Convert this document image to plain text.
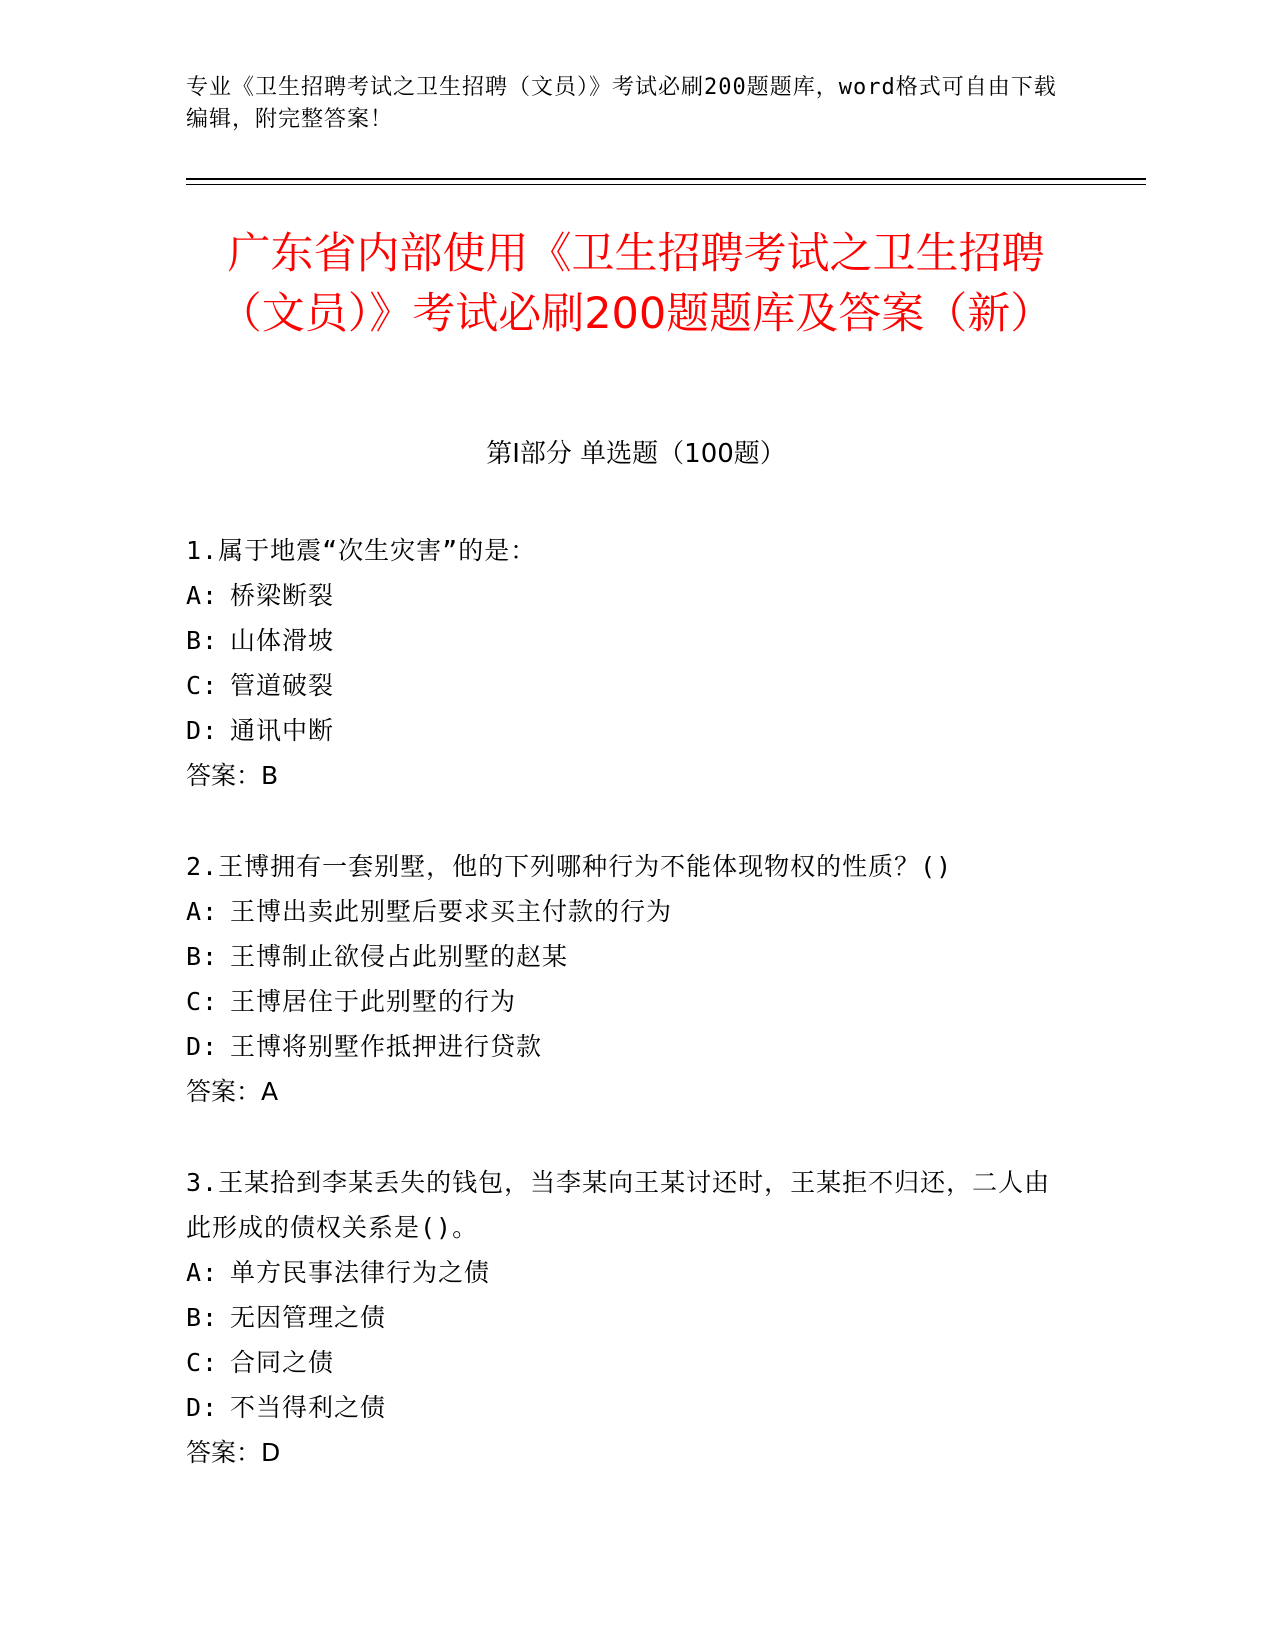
专业《卫生招聘考试之卫生招聘（文员）》考试必刷200题题库，word格式可自由下载编辑，附完整答案！
广东省内部使用《卫生招聘考试之卫生招聘（文员）》考试必刷200题题库及答案（新）
第Ⅰ部分 单选题（100题）

1.属于地震“次生灾害”的是：

A: 桥梁断裂

B: 山体滑坡

C: 管道破裂

D: 通讯中断

答案：B

2.王博拥有一套别墅，他的下列哪种行为不能体现物权的性质？()

A: 王博出卖此别墅后要求买主付款的行为

B: 王博制止欲侵占此别墅的赵某

C: 王博居住于此别墅的行为

D: 王博将别墅作抵押进行贷款

答案：A

3.王某拾到李某丢失的钱包，当李某向王某讨还时，王某拒不归还，二人由此形成的债权关系是()。

A: 单方民事法律行为之债

B: 无因管理之债

C: 合同之债

D: 不当得利之债

答案：D
